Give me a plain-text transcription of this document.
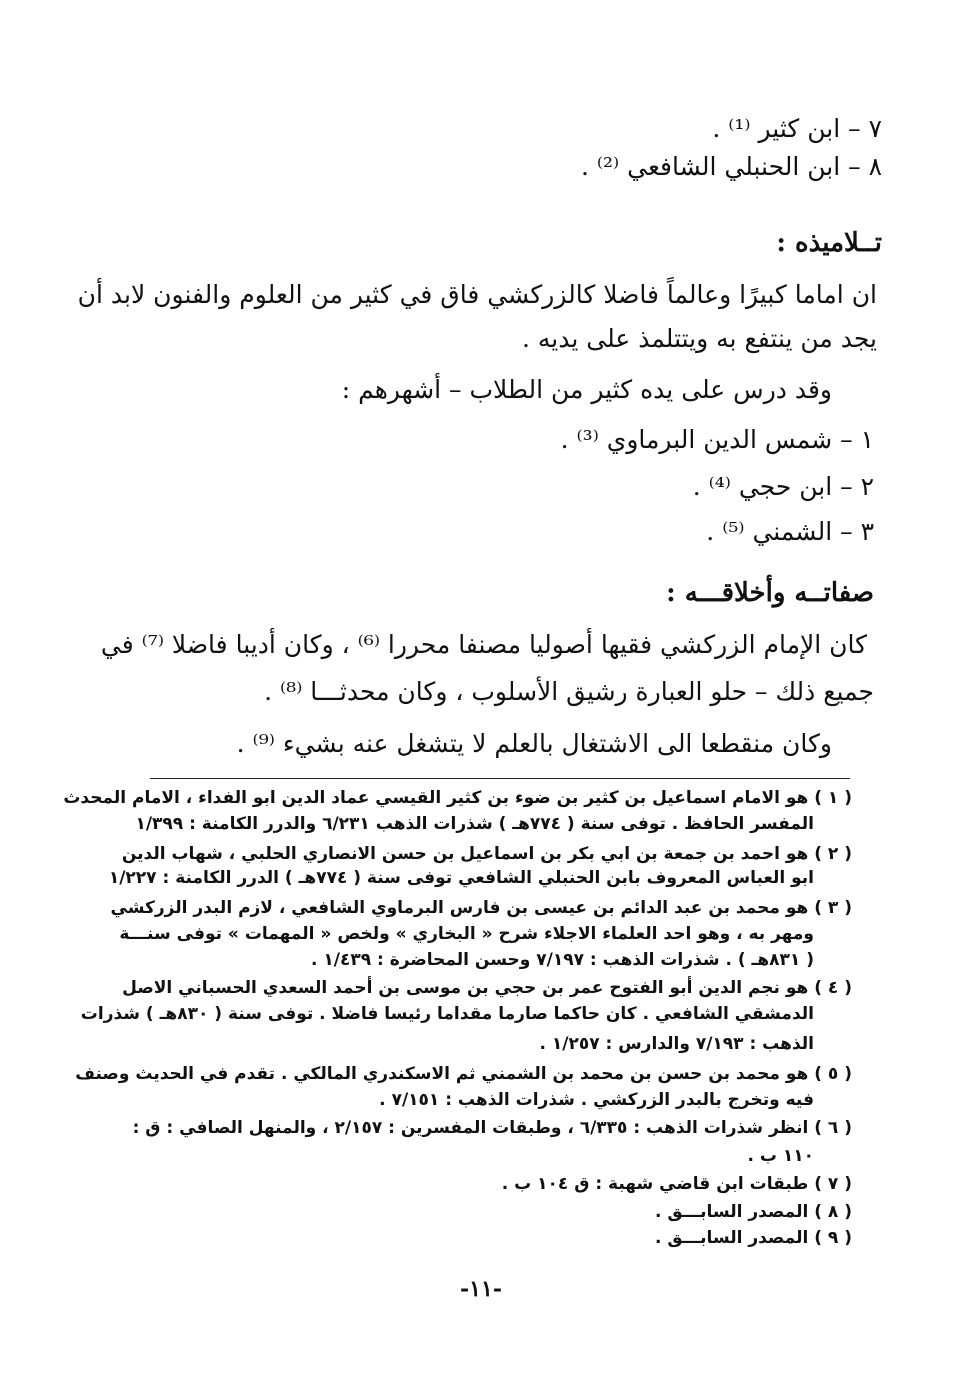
٧ – ابن كثير ⁽¹⁾ .
٨ – ابن الحنبلي الشافعي ⁽²⁾ .
تــلاميذه :
ان اماما كبيرًا وعالماً فاضلا كالزركشي فاق في كثير من العلوم والفنون لابد أن
يجد من ينتفع به ويتتلمذ على يديه .
وقد درس على يده كثير من الطلاب – أشهرهم :
١ – شمس الدين البرماوي ⁽³⁾ .
٢ – ابن حجي ⁽⁴⁾ .
٣ – الشمني ⁽⁵⁾ .
صفاتــه وأخلاقـــه :
كان الإمام الزركشي فقيها أصوليا مصنفا محررا ⁽⁶⁾ ، وكان أديبا فاضلا ⁽⁷⁾ في
جميع ذلك – حلو العبارة رشيق الأسلوب ، وكان محدثـــا ⁽⁸⁾ .
وكان منقطعا الى الاشتغال بالعلم لا يتشغل عنه بشيء ⁽⁹⁾ .
( ١ ) هو الامام اسماعيل بن كثير بن ضوء بن كثير القيسي عماد الدين ابو الفداء ، الامام المحدث
المفسر الحافظ . توفى سنة ( ٧٧٤هـ ) شذرات الذهب ٦/٢٣١ والدرر الكامنة : ١/٣٩٩
( ٢ ) هو احمد بن جمعة بن ابي بكر بن اسماعيل بن حسن الانصاري الحلبي ، شهاب الدين
ابو العباس المعروف بابن الحنبلي الشافعي توفى سنة ( ٧٧٤هـ ) الدرر الكامنة : ١/٢٢٧
( ٣ ) هو محمد بن عبد الدائم بن عيسى بن فارس البرماوي الشافعي ، لازم البدر الزركشي
ومهر به ، وهو احد العلماء الاجلاء شرح « البخاري » ولخص « المهمات » توفى سنـــة
( ٨٣١هـ ) . شذرات الذهب : ٧/١٩٧ وحسن المحاضرة : ١/٤٣٩ .
( ٤ ) هو نجم الدين أبو الفتوح عمر بن حجي بن موسى بن أحمد السعدي الحسباني الاصل
الدمشقي الشافعي . كان حاكما صارما مقداما رئيسا فاضلا . توفى سنة ( ٨٣٠هـ ) شذرات
الذهب : ٧/١٩٣ والدارس : ١/٢٥٧ .
( ٥ ) هو محمد بن حسن بن محمد بن الشمني ثم الاسكندري المالكي . تقدم في الحديث وصنف
فيه وتخرج بالبدر الزركشي . شذرات الذهب : ٧/١٥١ .
( ٦ ) انظر شذرات الذهب : ٦/٣٣٥ ، وطبقات المفسرين : ٢/١٥٧ ، والمنهل الصافي : ق :
١١٠ ب .
( ٧ ) طبقات ابن قاضي شهبة : ق ١٠٤ ب .
( ٨ ) المصدر السابـــق .
( ٩ ) المصدر السابـــق .
-١١-
